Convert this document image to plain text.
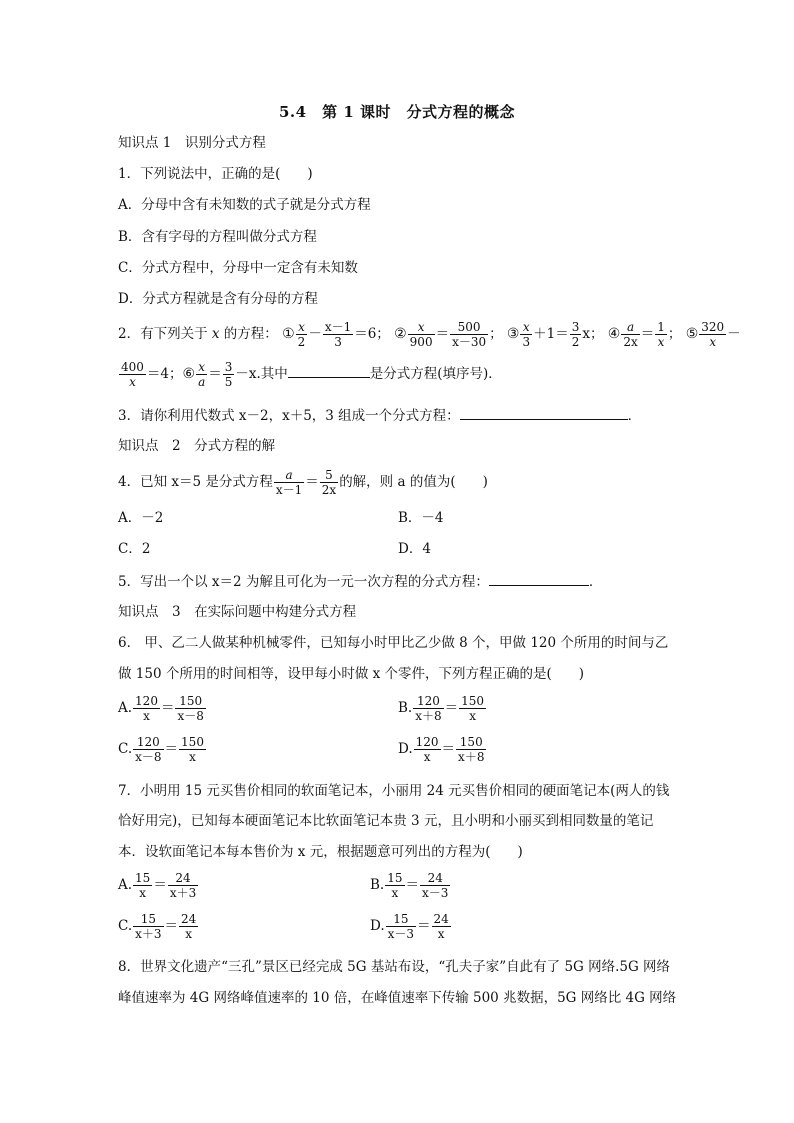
5.4　第 1 课时　分式方程的概念
知识点 1　识别分式方程
1．下列说法中，正确的是(　　)
A．分母中含有未知数的式子就是分式方程
B．含有字母的方程叫做分式方程
C．分式方程中，分母中一定含有未知数
D．分式方程就是含有分母的方程
2．有下列关于 x 的方程： ① $\frac{x}{2} - \frac{x-1}{3} =6$； ② $\frac{x}{900} = \frac{500}{x-30}$ ； ③ $\frac{x}{3} +1= \frac{3}{2}$ x； ④ $\frac{a}{2x} = \frac{1}{x}$ ； ⑤ $\frac{320}{x}$ －
$\frac{400}{x} =4$；⑥ $\frac{x}{a} = \frac{3}{5} -x$.其中	是分式方程(填序号)．
3．请你利用代数式 x－2，x＋5，3 组成一个分式方程：	．
知识点　2　分式方程的解
4．已知 x＝5 是分式方程 $\frac{a}{x-1} = \frac{5}{2x}$ 的解，则 a 的值为(　　)
A．－2	B．－4
C．2	D．4
5．写出一个以 x＝2 为解且可化为一元一次方程的分式方程：	．
知识点　3　在实际问题中构建分式方程
6． 甲、乙二人做某种机械零件，已知每小时甲比乙少做 8 个，甲做 120 个所用的时间与乙
做 150 个所用的时间相等，设甲每小时做 x 个零件，下列方程正确的是(　　)
A. $\frac{120}{x} = \frac{150}{x-8}$	B. $\frac{120}{x+8} = \frac{150}{x}$
C. $\frac{120}{x-8} = \frac{150}{x}$	D. $\frac{120}{x} = \frac{150}{x+8}$
7．小明用 15 元买售价相同的软面笔记本，小丽用 24 元买售价相同的硬面笔记本(两人的钱
恰好用完)，已知每本硬面笔记本比软面笔记本贵 3 元，且小明和小丽买到相同数量的笔记
本．设软面笔记本每本售价为 x 元，根据题意可列出的方程为(　　)
A. $\frac{15}{x} = \frac{24}{x+3}$	B. $\frac{15}{x} = \frac{24}{x-3}$
C. $\frac{15}{x+3} = \frac{24}{x}$	D. $\frac{15}{x-3} = \frac{24}{x}$
8．世界文化遗产“三孔”景区已经完成 5G 基站布设，“孔夫子家”自此有了 5G 网络.5G 网络
峰值速率为 4G 网络峰值速率的 10 倍，在峰值速率下传输 500 兆数据，5G 网络比 4G 网络
